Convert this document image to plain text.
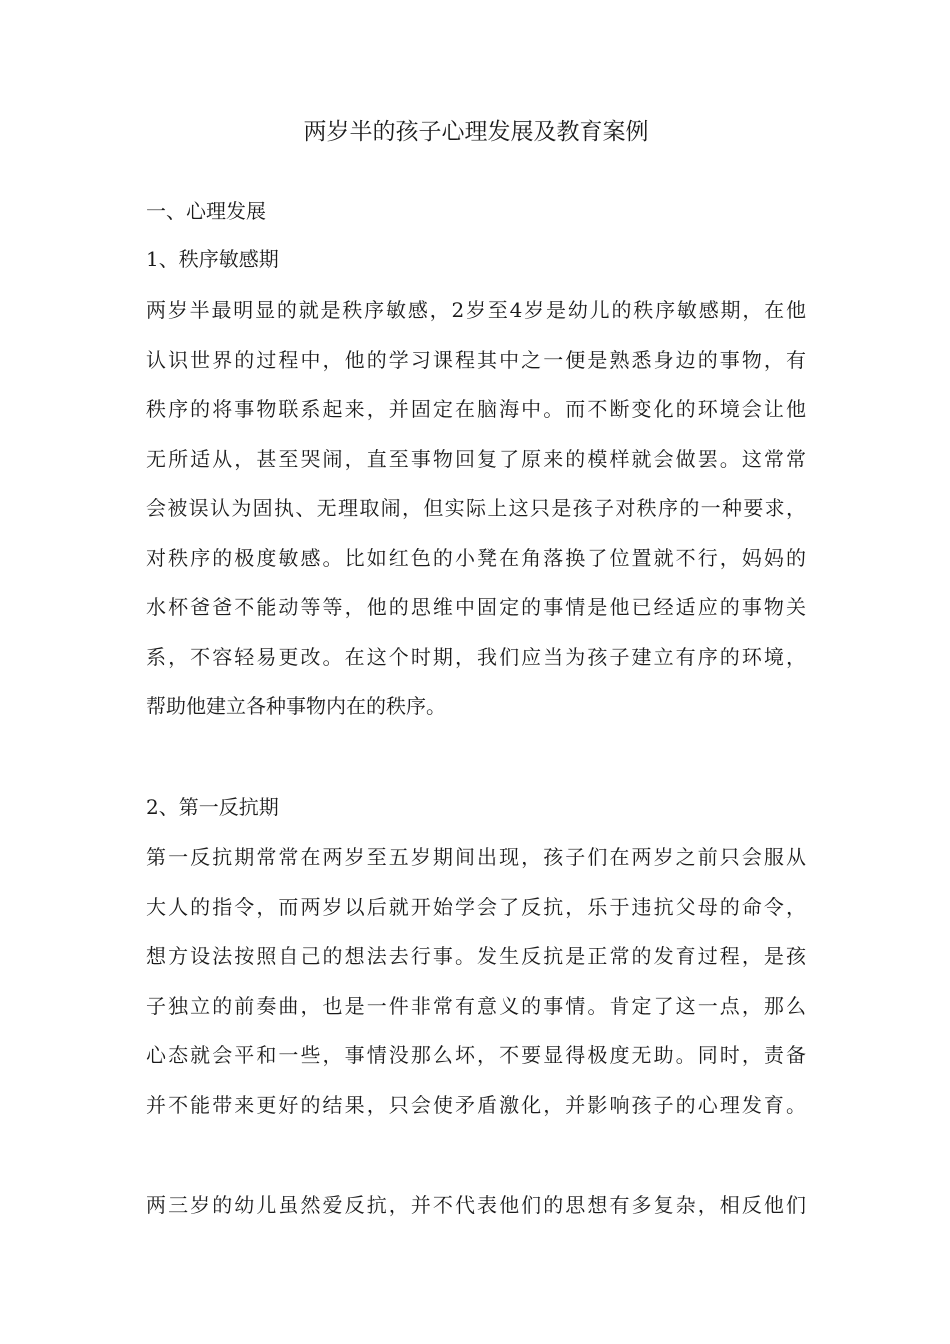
两岁半的孩子心理发展及教育案例

一、心理发展

1、秩序敏感期

两岁半最明显的就是秩序敏感，2岁至4岁是幼儿的秩序敏感期，在他
认识世界的过程中，他的学习课程其中之一便是熟悉身边的事物，有
秩序的将事物联系起来，并固定在脑海中。而不断变化的环境会让他
无所适从，甚至哭闹，直至事物回复了原来的模样就会做罢。这常常
会被误认为固执、无理取闹，但实际上这只是孩子对秩序的一种要求，
对秩序的极度敏感。比如红色的小凳在角落换了位置就不行，妈妈的
水杯爸爸不能动等等，他的思维中固定的事情是他已经适应的事物关
系，不容轻易更改。在这个时期，我们应当为孩子建立有序的环境，
帮助他建立各种事物内在的秩序。

2、第一反抗期

第一反抗期常常在两岁至五岁期间出现，孩子们在两岁之前只会服从
大人的指令，而两岁以后就开始学会了反抗，乐于违抗父母的命令，
想方设法按照自己的想法去行事。发生反抗是正常的发育过程，是孩
子独立的前奏曲，也是一件非常有意义的事情。肯定了这一点，那么
心态就会平和一些，事情没那么坏，不要显得极度无助。同时，责备
并不能带来更好的结果，只会使矛盾激化，并影响孩子的心理发育。
两三岁的幼儿虽然爱反抗，并不代表他们的思想有多复杂，相反他们
